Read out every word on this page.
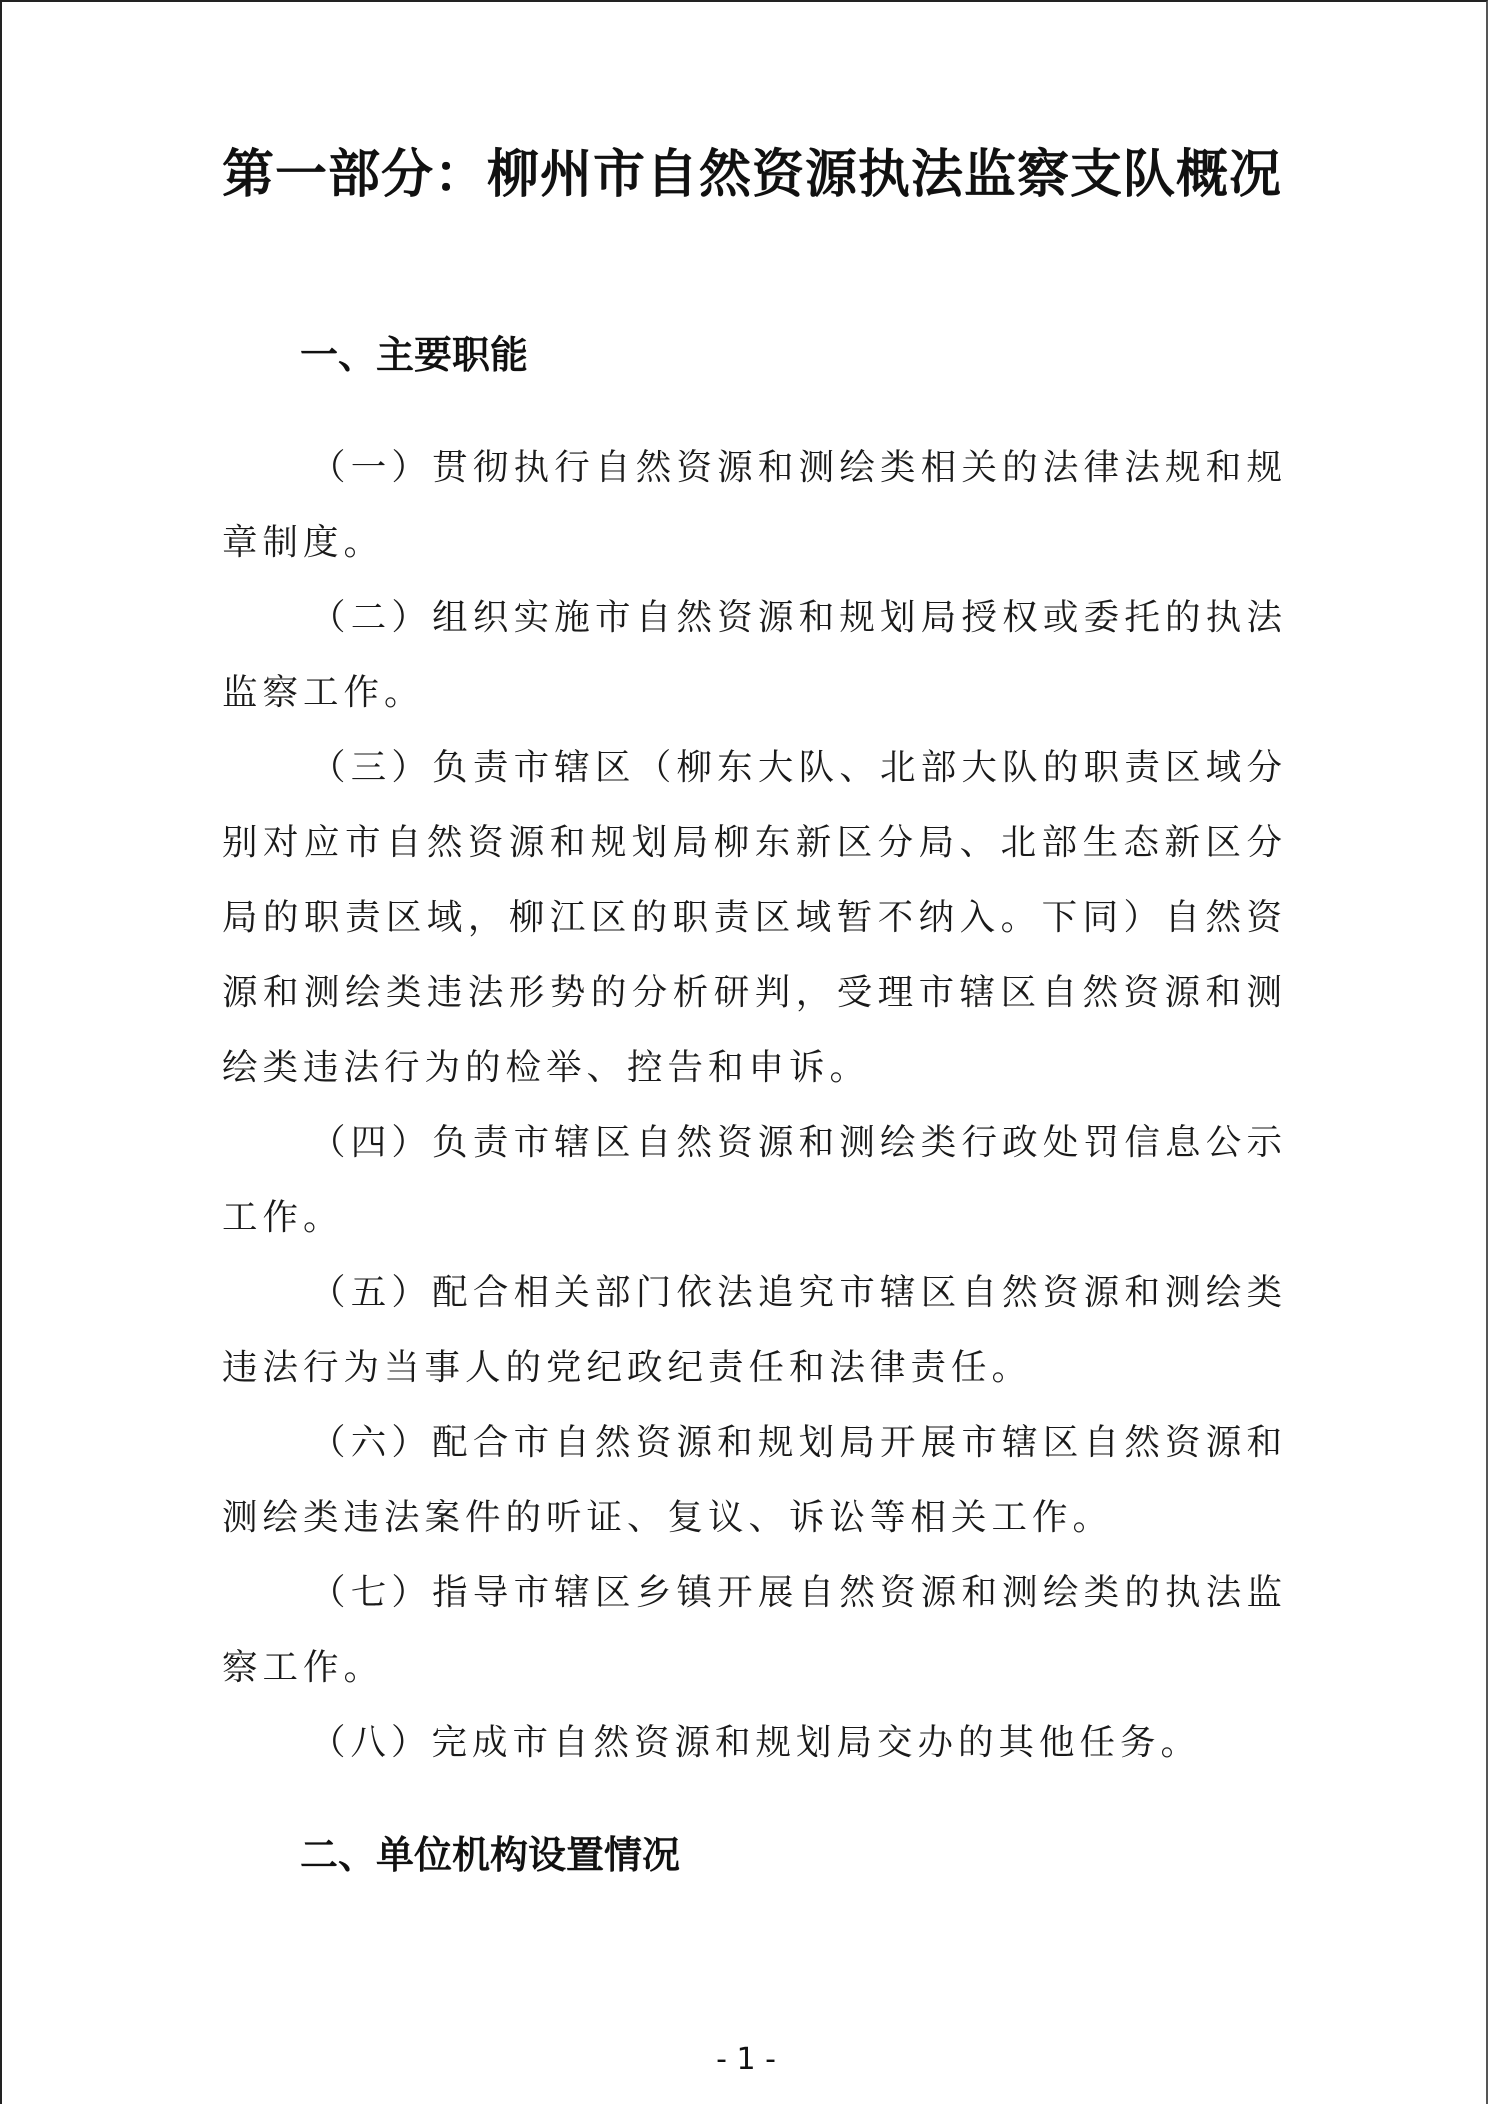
第一部分：柳州市自然资源执法监察支队概况
一、主要职能

（一）贯彻执行自然资源和测绘类相关的法律法规和规章制度。

（二）组织实施市自然资源和规划局授权或委托的执法监察工作。

（三）负责市辖区（柳东大队、北部大队的职责区域分别对应市自然资源和规划局柳东新区分局、北部生态新区分局的职责区域，柳江区的职责区域暂不纳入。下同）自然资源和测绘类违法形势的分析研判，受理市辖区自然资源和测绘类违法行为的检举、控告和申诉。

（四）负责市辖区自然资源和测绘类行政处罚信息公示工作。

（五）配合相关部门依法追究市辖区自然资源和测绘类违法行为当事人的党纪政纪责任和法律责任。

（六）配合市自然资源和规划局开展市辖区自然资源和测绘类违法案件的听证、复议、诉讼等相关工作。

（七）指导市辖区乡镇开展自然资源和测绘类的执法监察工作。

（八）完成市自然资源和规划局交办的其他任务。

二、单位机构设置情况
- 1 -
